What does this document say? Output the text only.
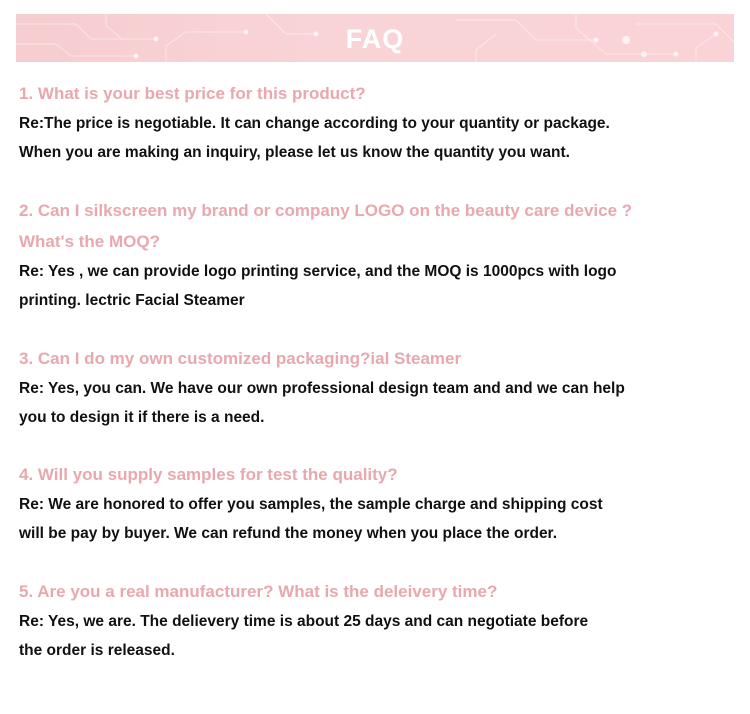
FAQ
1. What is your best price for this product?
Re:The price is negotiable. It can change according to your quantity or package.
When you are making an inquiry, please let us know the quantity you want.
2. Can I silkscreen my brand or company LOGO on the beauty care device ?
What's the MOQ?
Re: Yes , we can provide logo printing service, and the MOQ is 1000pcs with logo
printing. lectric Facial Steamer
3. Can I do my own customized packaging?ial Steamer
Re: Yes, you can. We have our own professional design team and and we can help
you to design it if there is a need.
4. Will you supply samples for test the quality?
Re: We are honored to offer you samples, the sample charge and shipping cost
will be pay by buyer. We can refund the money when you place the order.
5. Are you a real manufacturer? What is the deleivery time?
Re: Yes, we are. The delievery time is about 25 days and can negotiate before
the order is released.
